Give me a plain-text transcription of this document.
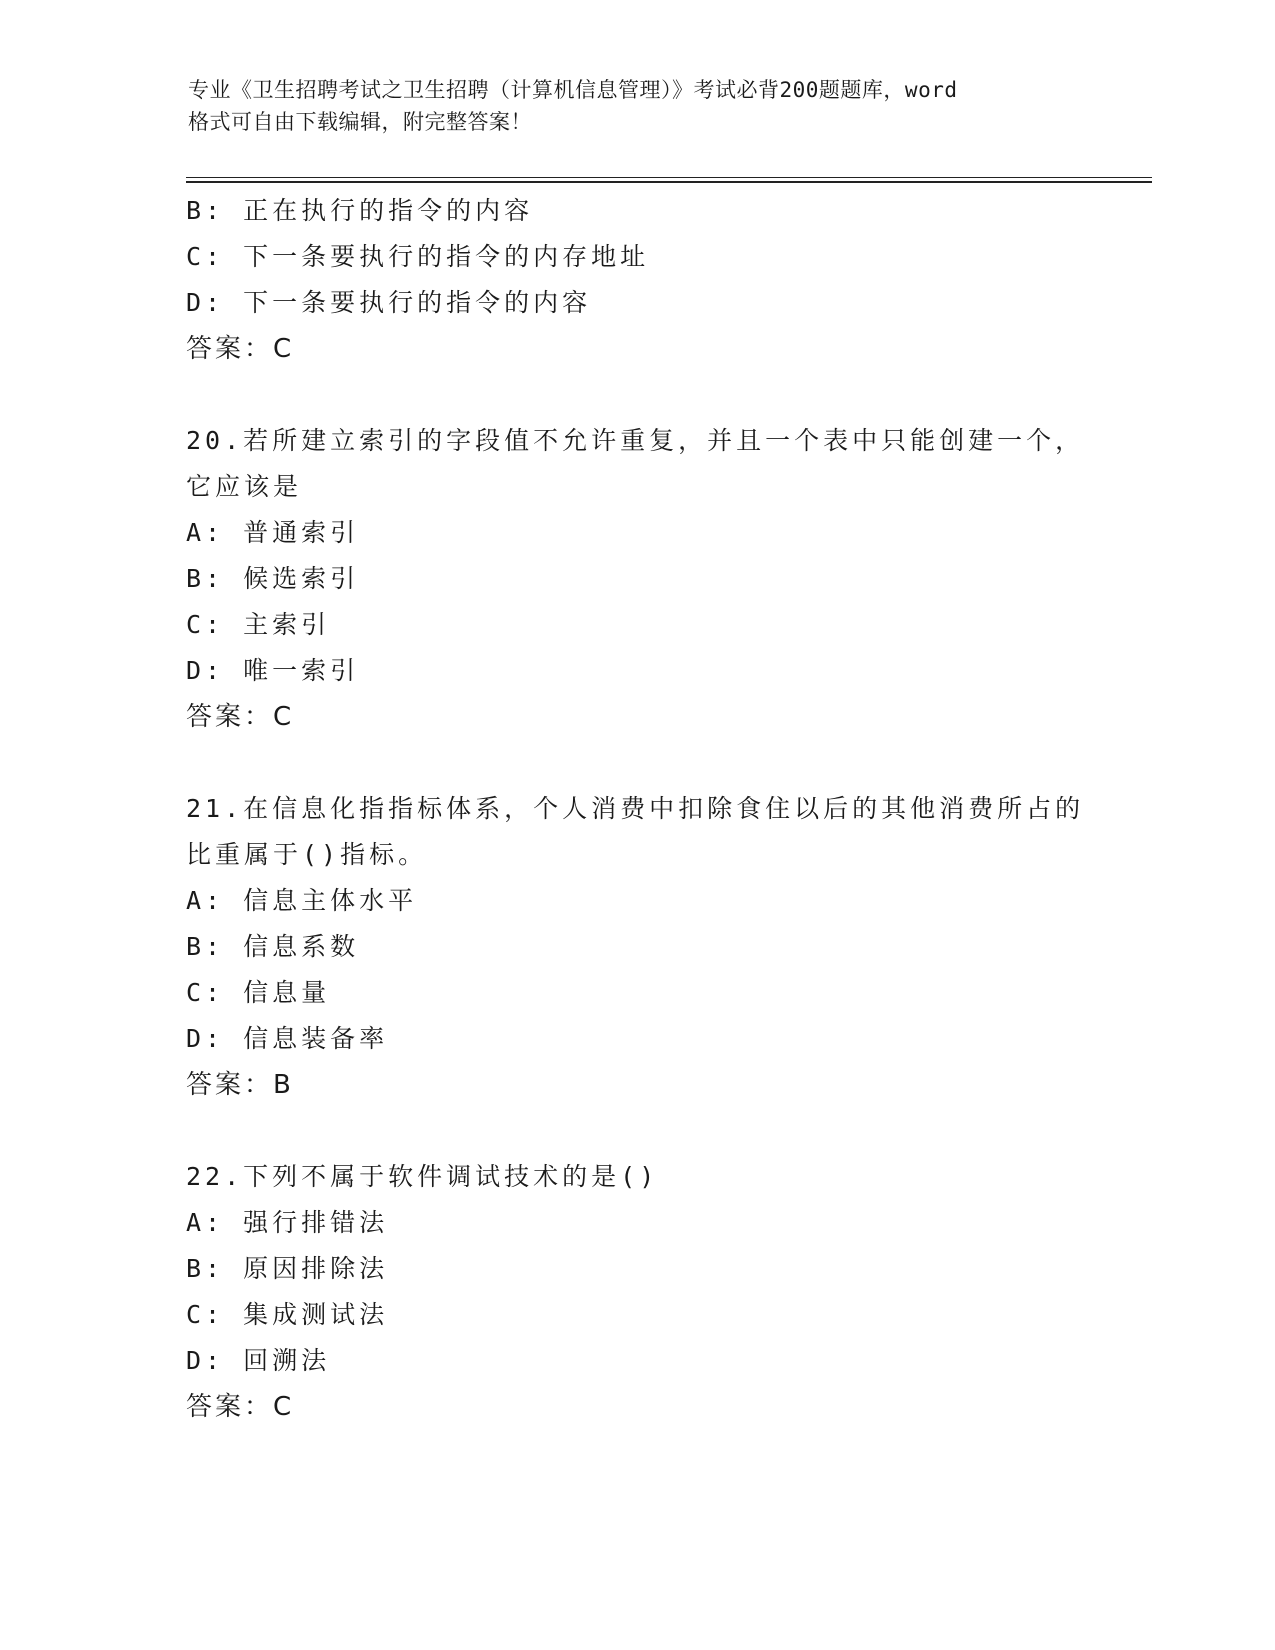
专业《卫生招聘考试之卫生招聘（计算机信息管理）》考试必背200题题库，word

格式可自由下载编辑，附完整答案！

B: 正在执行的指令的内容
C: 下一条要执行的指令的内存地址
D: 下一条要执行的指令的内容
答案：C
20.若所建立索引的字段值不允许重复，并且一个表中只能创建一个，
它应该是
A: 普通索引
B: 候选索引
C: 主索引
D: 唯一索引
答案：C
21.在信息化指指标体系，个人消费中扣除食住以后的其他消费所占的
比重属于()指标。
A: 信息主体水平
B: 信息系数
C: 信息量
D: 信息装备率
答案：B
22.下列不属于软件调试技术的是()
A: 强行排错法
B: 原因排除法
C: 集成测试法
D: 回溯法
答案：C
